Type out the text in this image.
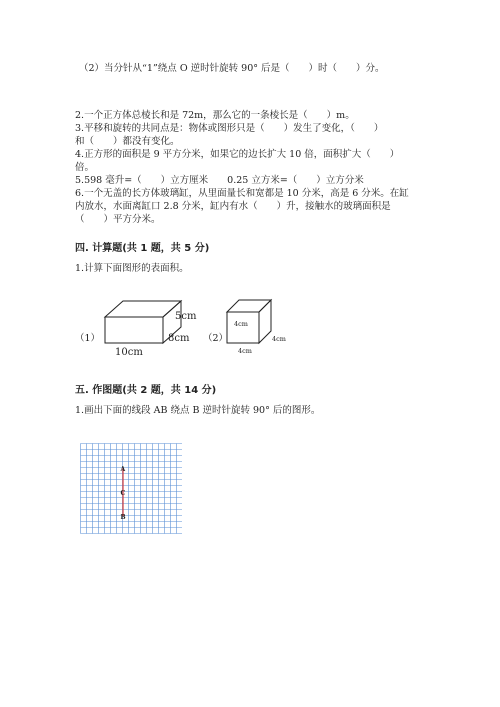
（2）当分针从“1”绕点 O 逆时针旋转 90° 后是（　　）时（　　）分。
2.一个正方体总棱长和是 72m，那么它的一条棱长是（　　）m。
3.平移和旋转的共同点是：物体或图形只是（　　）发生了变化，（　　）
和（　　）都没有变化。
4.正方形的面积是 9 平方分米，如果它的边长扩大 10 倍，面积扩大（　　）
倍。
5.598 毫升=（　　）立方厘米　　0.25 立方米=（　　）立方分米
6.一个无盖的长方体玻璃缸，从里面量长和宽都是 10 分米，高是 6 分米。在缸
内放水，水面离缸口 2.8 分米，缸内有水（　　）升，接触水的玻璃面积是
（　　）平方分米。
四. 计算题(共 1 题，共 5 分)
1.计算下面图形的表面积。
（1）
10cm
8cm
5cm
（2）
4cm
4cm
4cm
五. 作图题(共 2 题，共 14 分)
1.画出下面的线段 AB 绕点 B 逆时针旋转 90° 后的图形。
A
C
B
